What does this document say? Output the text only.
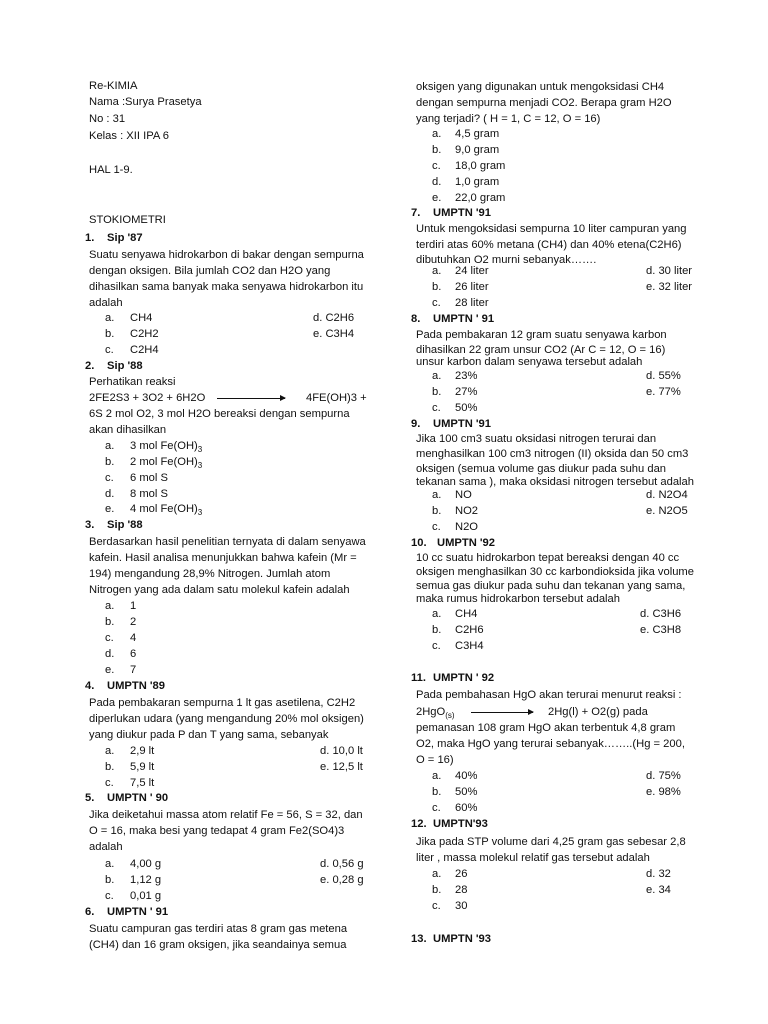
Re-KIMIA
Nama :Surya Prasetya
No : 31
Kelas : XII IPA 6
HAL 1-9.
STOKIOMETRI
1. Sip '87
Suatu senyawa hidrokarbon di bakar dengan sempurna
dengan oksigen. Bila jumlah CO2 dan H2O yang
dihasilkan sama banyak maka senyawa hidrokarbon itu
adalah
a. CH4	d. C2H6
b. C2H2	e. C3H4
c. C2H4
2. Sip '88
Perhatikan reaksi
2FE2S3 + 3O2 + 6H2O	4FE(OH)3 +
6S 2 mol O2, 3 mol H2O bereaksi dengan sempurna
akan dihasilkan
a. 3 mol $Fe(OH)_3$
b. 2 mol $Fe(OH)_3$
c. 6 mol S
d. 8 mol S
e. 4 mol $Fe(OH)_3$
3. Sip '88
Berdasarkan hasil penelitian ternyata di dalam senyawa
kafein. Hasil analisa menunjukkan bahwa kafein (Mr =
194) mengandung 28,9% Nitrogen. Jumlah atom
Nitrogen yang ada dalam satu molekul kafein adalah
a. 1
b. 2
c. 4
d. 6
e. 7
4. UMPTN '89
Pada pembakaran sempurna 1 lt gas asetilena, C2H2
diperlukan udara (yang mengandung 20% mol oksigen)
yang diukur pada P dan T yang sama, sebanyak
a. 2,9 lt	d. 10,0 lt
b. 5,9 lt	e. 12,5 lt
c. 7,5 lt
5. UMPTN ' 90
Jika deiketahui massa atom relatif Fe = 56, S = 32, dan
O = 16, maka besi yang tedapat 4 gram Fe2(SO4)3
adalah
a. 4,00 g	d. 0,56 g
b. 1,12 g	e. 0,28 g
c. 0,01 g
6. UMPTN ' 91
Suatu campuran gas terdiri atas 8 gram gas metena
(CH4) dan 16 gram oksigen, jika seandainya semua
oksigen yang digunakan untuk mengoksidasi CH4
dengan sempurna menjadi CO2. Berapa gram H2O
yang terjadi? ( H = 1, C = 12, O = 16)
a. 4,5 gram
b. 9,0 gram
c. 18,0 gram
d. 1,0 gram
e. 22,0 gram
7. UMPTN '91
Untuk mengoksidasi sempurna 10 liter campuran yang
terdiri atas 60% metana (CH4) dan 40% etena(C2H6)
dibutuhkan O2 murni sebanyak…….
a. 24 liter	d. 30 liter
b. 26 liter	e. 32 liter
c. 28 liter
8. UMPTN ' 91
Pada pembakaran 12 gram suatu senyawa karbon
dihasilkan 22 gram unsur CO2 (Ar C = 12, O = 16)
unsur karbon dalam senyawa tersebut adalah
a. 23%	d. 55%
b. 27%	e. 77%
c. 50%
9. UMPTN '91
Jika 100 cm3 suatu oksidasi nitrogen terurai dan
menghasilkan 100 cm3 nitrogen (II) oksida dan 50 cm3
oksigen (semua volume gas diukur pada suhu dan
tekanan sama ), maka oksidasi nitrogen tersebut adalah
a. NO	d. N2O4
b. NO2	e. N2O5
c. N2O
10. UMPTN '92
10 cc suatu hidrokarbon tepat bereaksi dengan 40 cc
oksigen menghasilkan 30 cc karbondioksida jika volume
semua gas diukur pada suhu dan tekanan yang sama,
maka rumus hidrokarbon tersebut adalah
a. CH4	d. C3H6
b. C2H6	e. C3H8
c. C3H4
11. UMPTN ' 92
Pada pembahasan HgO akan terurai menurut reaksi :
2HgO$_{(s)}$	2Hg(l) + O2(g) pada
pemanasan 108 gram HgO akan terbentuk 4,8 gram
O2, maka HgO yang terurai sebanyak……..(Hg = 200,
O = 16)
a. 40%	d. 75%
b. 50%	e. 98%
c. 60%
12. UMPTN'93
Jika pada STP volume dari 4,25 gram gas sebesar 2,8
liter , massa molekul relatif gas tersebut adalah
a. 26	d. 32
b. 28	e. 34
c. 30
13. UMPTN '93
